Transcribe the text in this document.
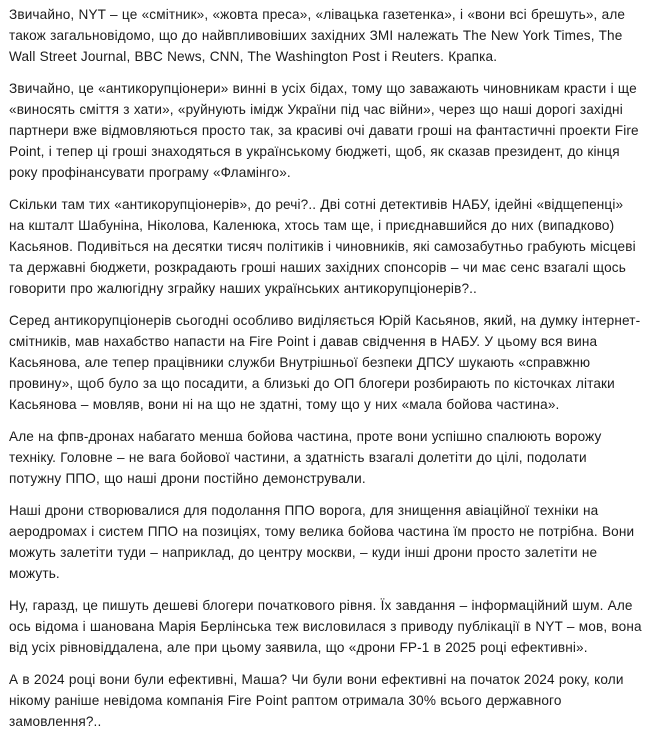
Звичайно, NYT – це «смітник», «жовта преса», «лівацька газетенка», і «вони всі брешуть», але також загальновідомо, що до найвпливовіших західних ЗМІ належать The New York Times, The Wall Street Journal, BBC News, CNN, The Washington Post і Reuters. Крапка.

Звичайно, це «антикорупціонери» винні в усіх бідах, тому що заважають чиновникам красти і ще «виносять сміття з хати», «руйнують імідж України під час війни», через що наші дорогі західні партнери вже відмовляються просто так, за красиві очі давати гроші на фантастичні проекти Fire Point, і тепер ці гроші знаходяться в українському бюджеті, щоб, як сказав президент, до кінця року профінансувати програму «Фламінго».

Скільки там тих «антикорупціонерів», до речі?.. Дві сотні детективів НАБУ, ідейні «відщепенці» на кшталт Шабуніна, Ніколова, Каленюка, хтось там ще, і приєднавшийся до них (випадково) Касьянов. Подивіться на десятки тисяч політиків і чиновників, які самозабутньо грабують місцеві та державні бюджети, розкрадають гроші наших західних спонсорів – чи має сенс взагалі щось говорити про жалюгідну зграйку наших українських антикорупціонерів?..

Серед антикорупціонерів сьогодні особливо виділяється Юрій Касьянов, який, на думку інтернет-смітників, мав нахабство напасти на Fire Point і давав свідчення в НАБУ. У цьому вся вина Касьянова, але тепер працівники служби Внутрішньої безпеки ДПСУ шукають «справжню провину», щоб було за що посадити, а близькі до ОП блогери розбирають по кісточках літаки Касьянова – мовляв, вони ні на що не здатні, тому що у них «мала бойова частина».

Але на фпв-дронах набагато менша бойова частина, проте вони успішно спалюють ворожу техніку. Головне – не вага бойової частини, а здатність взагалі долетіти до цілі, подолати потужну ППО, що наші дрони постійно демонстрували.

Наші дрони створювалися для подолання ППО ворога, для знищення авіаційної техніки на аеродромах і систем ППО на позиціях, тому велика бойова частина їм просто не потрібна. Вони можуть залетіти туди – наприклад, до центру москви, – куди інші дрони просто залетіти не можуть.

Ну, гаразд, це пишуть дешеві блогери початкового рівня. Їх завдання – інформаційний шум. Але ось відома і шанована Марія Берлінська теж висловилася з приводу публікації в NYT – мов, вона від усіх рівновіддалена, але при цьому заявила, що «дрони FP-1 в 2025 році ефективні».

А в 2024 році вони були ефективні, Маша? Чи були вони ефективні на початок 2024 року, коли нікому раніше невідома компанія Fire Point раптом отримала 30% всього державного замовлення?..
